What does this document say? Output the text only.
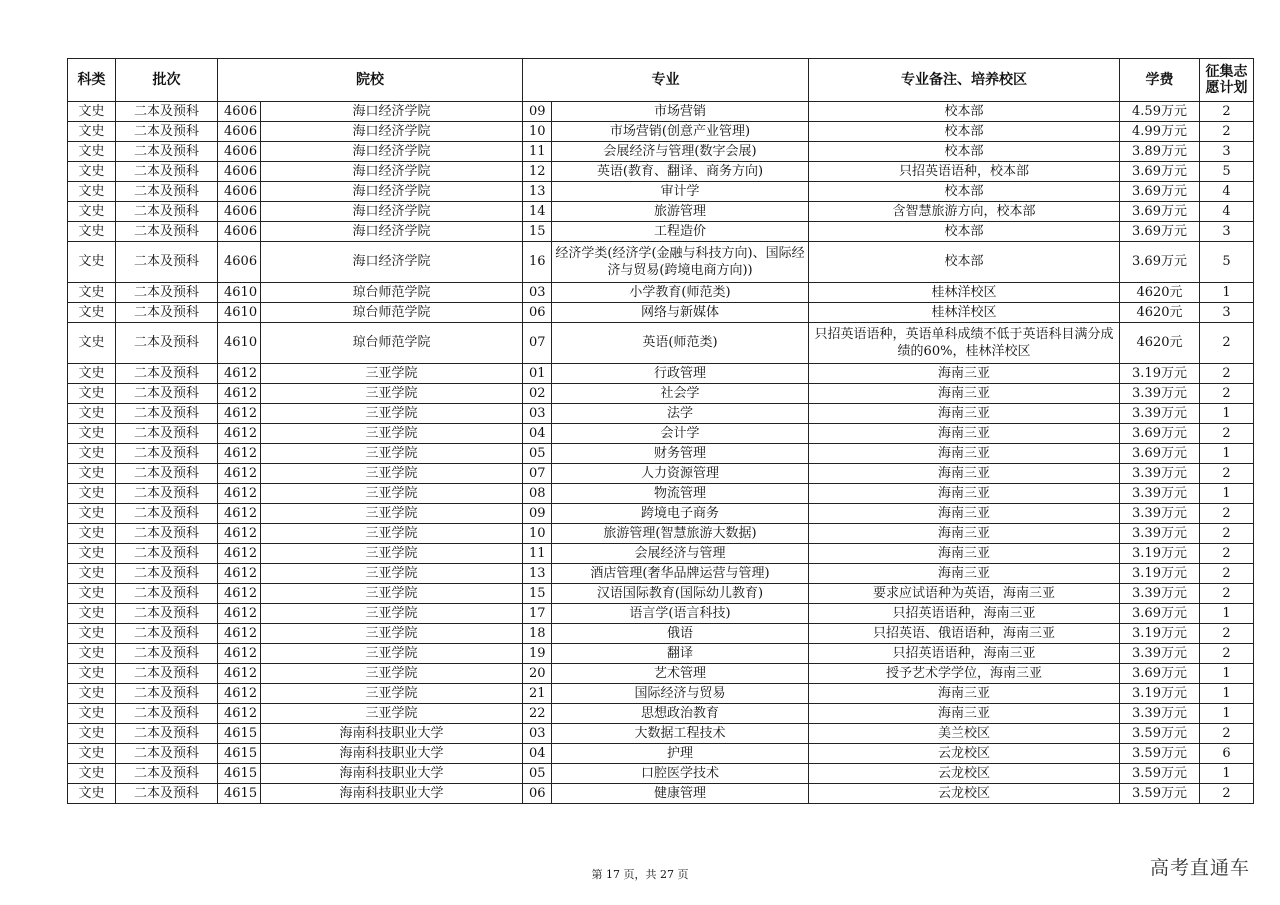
科类	批次	院校		专业		专业备注、培养校区	学费	征集志愿计划
文史	二本及预科	4606	海口经济学院	09	市场营销	校本部	4.59万元	2
文史	二本及预科	4606	海口经济学院	10	市场营销(创意产业管理)	校本部	4.99万元	2
文史	二本及预科	4606	海口经济学院	11	会展经济与管理(数字会展)	校本部	3.89万元	3
文史	二本及预科	4606	海口经济学院	12	英语(教育、翻译、商务方向)	只招英语语种，校本部	3.69万元	5
文史	二本及预科	4606	海口经济学院	13	审计学	校本部	3.69万元	4
文史	二本及预科	4606	海口经济学院	14	旅游管理	含智慧旅游方向，校本部	3.69万元	4
文史	二本及预科	4606	海口经济学院	15	工程造价	校本部	3.69万元	3
文史	二本及预科	4606	海口经济学院	16	经济学类(经济学(金融与科技方向)、国际经济与贸易(跨境电商方向))	校本部	3.69万元	5
文史	二本及预科	4610	琼台师范学院	03	小学教育(师范类)	桂林洋校区	4620元	1
文史	二本及预科	4610	琼台师范学院	06	网络与新媒体	桂林洋校区	4620元	3
文史	二本及预科	4610	琼台师范学院	07	英语(师范类)	只招英语语种，英语单科成绩不低于英语科目满分成绩的60%，桂林洋校区	4620元	2
文史	二本及预科	4612	三亚学院	01	行政管理	海南三亚	3.19万元	2
文史	二本及预科	4612	三亚学院	02	社会学	海南三亚	3.39万元	2
文史	二本及预科	4612	三亚学院	03	法学	海南三亚	3.39万元	1
文史	二本及预科	4612	三亚学院	04	会计学	海南三亚	3.69万元	2
文史	二本及预科	4612	三亚学院	05	财务管理	海南三亚	3.69万元	1
文史	二本及预科	4612	三亚学院	07	人力资源管理	海南三亚	3.39万元	2
文史	二本及预科	4612	三亚学院	08	物流管理	海南三亚	3.39万元	1
文史	二本及预科	4612	三亚学院	09	跨境电子商务	海南三亚	3.39万元	2
文史	二本及预科	4612	三亚学院	10	旅游管理(智慧旅游大数据)	海南三亚	3.39万元	2
文史	二本及预科	4612	三亚学院	11	会展经济与管理	海南三亚	3.19万元	2
文史	二本及预科	4612	三亚学院	13	酒店管理(奢华品牌运营与管理)	海南三亚	3.19万元	2
文史	二本及预科	4612	三亚学院	15	汉语国际教育(国际幼儿教育)	要求应试语种为英语，海南三亚	3.39万元	2
文史	二本及预科	4612	三亚学院	17	语言学(语言科技)	只招英语语种，海南三亚	3.69万元	1
文史	二本及预科	4612	三亚学院	18	俄语	只招英语、俄语语种，海南三亚	3.19万元	2
文史	二本及预科	4612	三亚学院	19	翻译	只招英语语种，海南三亚	3.39万元	2
文史	二本及预科	4612	三亚学院	20	艺术管理	授予艺术学学位，海南三亚	3.69万元	1
文史	二本及预科	4612	三亚学院	21	国际经济与贸易	海南三亚	3.19万元	1
文史	二本及预科	4612	三亚学院	22	思想政治教育	海南三亚	3.39万元	1
文史	二本及预科	4615	海南科技职业大学	03	大数据工程技术	美兰校区	3.59万元	2
文史	二本及预科	4615	海南科技职业大学	04	护理	云龙校区	3.59万元	6
文史	二本及预科	4615	海南科技职业大学	05	口腔医学技术	云龙校区	3.59万元	1
文史	二本及预科	4615	海南科技职业大学	06	健康管理	云龙校区	3.59万元	2
第 17 页，共 27 页	高考直通车
